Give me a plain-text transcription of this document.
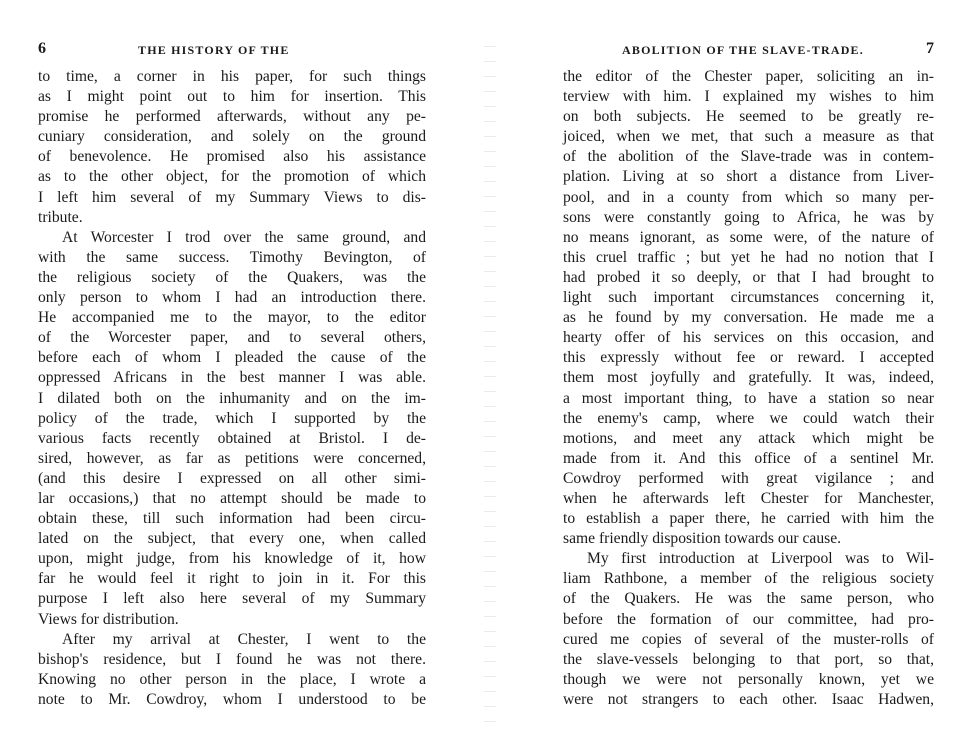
6	THE HISTORY OF THE
to time, a corner in his paper, for such things
as I might point out to him for insertion. This
promise he performed afterwards, without any pe-
cuniary consideration, and solely on the ground
of benevolence. He promised also his assistance
as to the other object, for the promotion of which
I left him several of my Summary Views to dis-
tribute.
At Worcester I trod over the same ground, and
with the same success. Timothy Bevington, of
the religious society of the Quakers, was the
only person to whom I had an introduction there.
He accompanied me to the mayor, to the editor
of the Worcester paper, and to several others,
before each of whom I pleaded the cause of the
oppressed Africans in the best manner I was able.
I dilated both on the inhumanity and on the im-
policy of the trade, which I supported by the
various facts recently obtained at Bristol. I de-
sired, however, as far as petitions were concerned,
(and this desire I expressed on all other simi-
lar occasions,) that no attempt should be made to
obtain these, till such information had been circu-
lated on the subject, that every one, when called
upon, might judge, from his knowledge of it, how
far he would feel it right to join in it. For this
purpose I left also here several of my Summary
Views for distribution.
After my arrival at Chester, I went to the
bishop's residence, but I found he was not there.
Knowing no other person in the place, I wrote a
note to Mr. Cowdroy, whom I understood to be
ABOLITION OF THE SLAVE-TRADE.	7
the editor of the Chester paper, soliciting an in-
terview with him. I explained my wishes to him
on both subjects. He seemed to be greatly re-
joiced, when we met, that such a measure as that
of the abolition of the Slave-trade was in contem-
plation. Living at so short a distance from Liver-
pool, and in a county from which so many per-
sons were constantly going to Africa, he was by
no means ignorant, as some were, of the nature of
this cruel traffic ; but yet he had no notion that I
had probed it so deeply, or that I had brought to
light such important circumstances concerning it,
as he found by my conversation. He made me a
hearty offer of his services on this occasion, and
this expressly without fee or reward. I accepted
them most joyfully and gratefully. It was, indeed,
a most important thing, to have a station so near
the enemy's camp, where we could watch their
motions, and meet any attack which might be
made from it. And this office of a sentinel Mr.
Cowdroy performed with great vigilance ; and
when he afterwards left Chester for Manchester,
to establish a paper there, he carried with him the
same friendly disposition towards our cause.
My first introduction at Liverpool was to Wil-
liam Rathbone, a member of the religious society
of the Quakers. He was the same person, who
before the formation of our committee, had pro-
cured me copies of several of the muster-rolls of
the slave-vessels belonging to that port, so that,
though we were not personally known, yet we
were not strangers to each other. Isaac Hadwen,
